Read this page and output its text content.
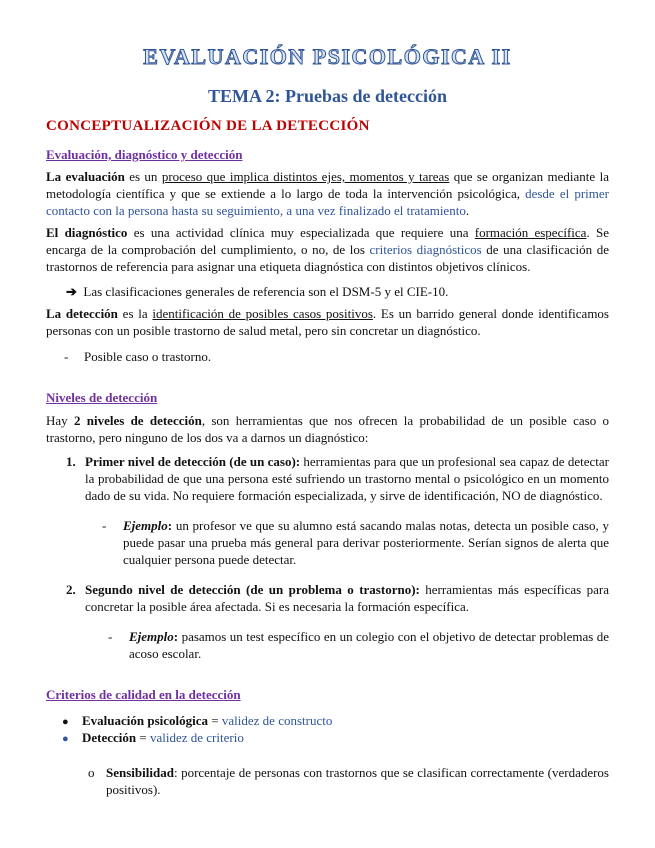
EVALUACIÓN PSICOLÓGICA II
TEMA 2: Pruebas de detección
CONCEPTUALIZACIÓN DE LA DETECCIÓN

Evaluación, diagnóstico y detección

La evaluación es un proceso que implica distintos ejes, momentos y tareas que se organizan mediante la metodología científica y que se extiende a lo largo de toda la intervención psicológica, desde el primer contacto con la persona hasta su seguimiento, a una vez finalizado el tratamiento.

El diagnóstico es una actividad clínica muy especializada que requiere una formación específica. Se encarga de la comprobación del cumplimiento, o no, de los criterios diagnósticos de una clasificación de trastornos de referencia para asignar una etiqueta diagnóstica con distintos objetivos clínicos.

➔ Las clasificaciones generales de referencia son el DSM-5 y el CIE-10.

La detección es la identificación de posibles casos positivos. Es un barrido general donde identificamos personas con un posible trastorno de salud metal, pero sin concretar un diagnóstico.

- Posible caso o trastorno.

Niveles de detección

Hay 2 niveles de detección, son herramientas que nos ofrecen la probabilidad de un posible caso o trastorno, pero ninguno de los dos va a darnos un diagnóstico:

1. Primer nivel de detección (de un caso): herramientas para que un profesional sea capaz de detectar la probabilidad de que una persona esté sufriendo un trastorno mental o psicológico en un momento dado de su vida. No requiere formación especializada, y sirve de identificación, NO de diagnóstico.

- Ejemplo: un profesor ve que su alumno está sacando malas notas, detecta un posible caso, y puede pasar una prueba más general para derivar posteriormente. Serían signos de alerta que cualquier persona puede detectar.
2. Segundo nivel de detección (de un problema o trastorno): herramientas más específicas para concretar la posible área afectada. Si es necesaria la formación específica.

- Ejemplo: pasamos un test específico en un colegio con el objetivo de detectar problemas de acoso escolar.

Criterios de calidad en la detección

● Evaluación psicológica = validez de constructo

● Detección = validez de criterio

o Sensibilidad: porcentaje de personas con trastornos que se clasifican correctamente (verdaderos positivos).
